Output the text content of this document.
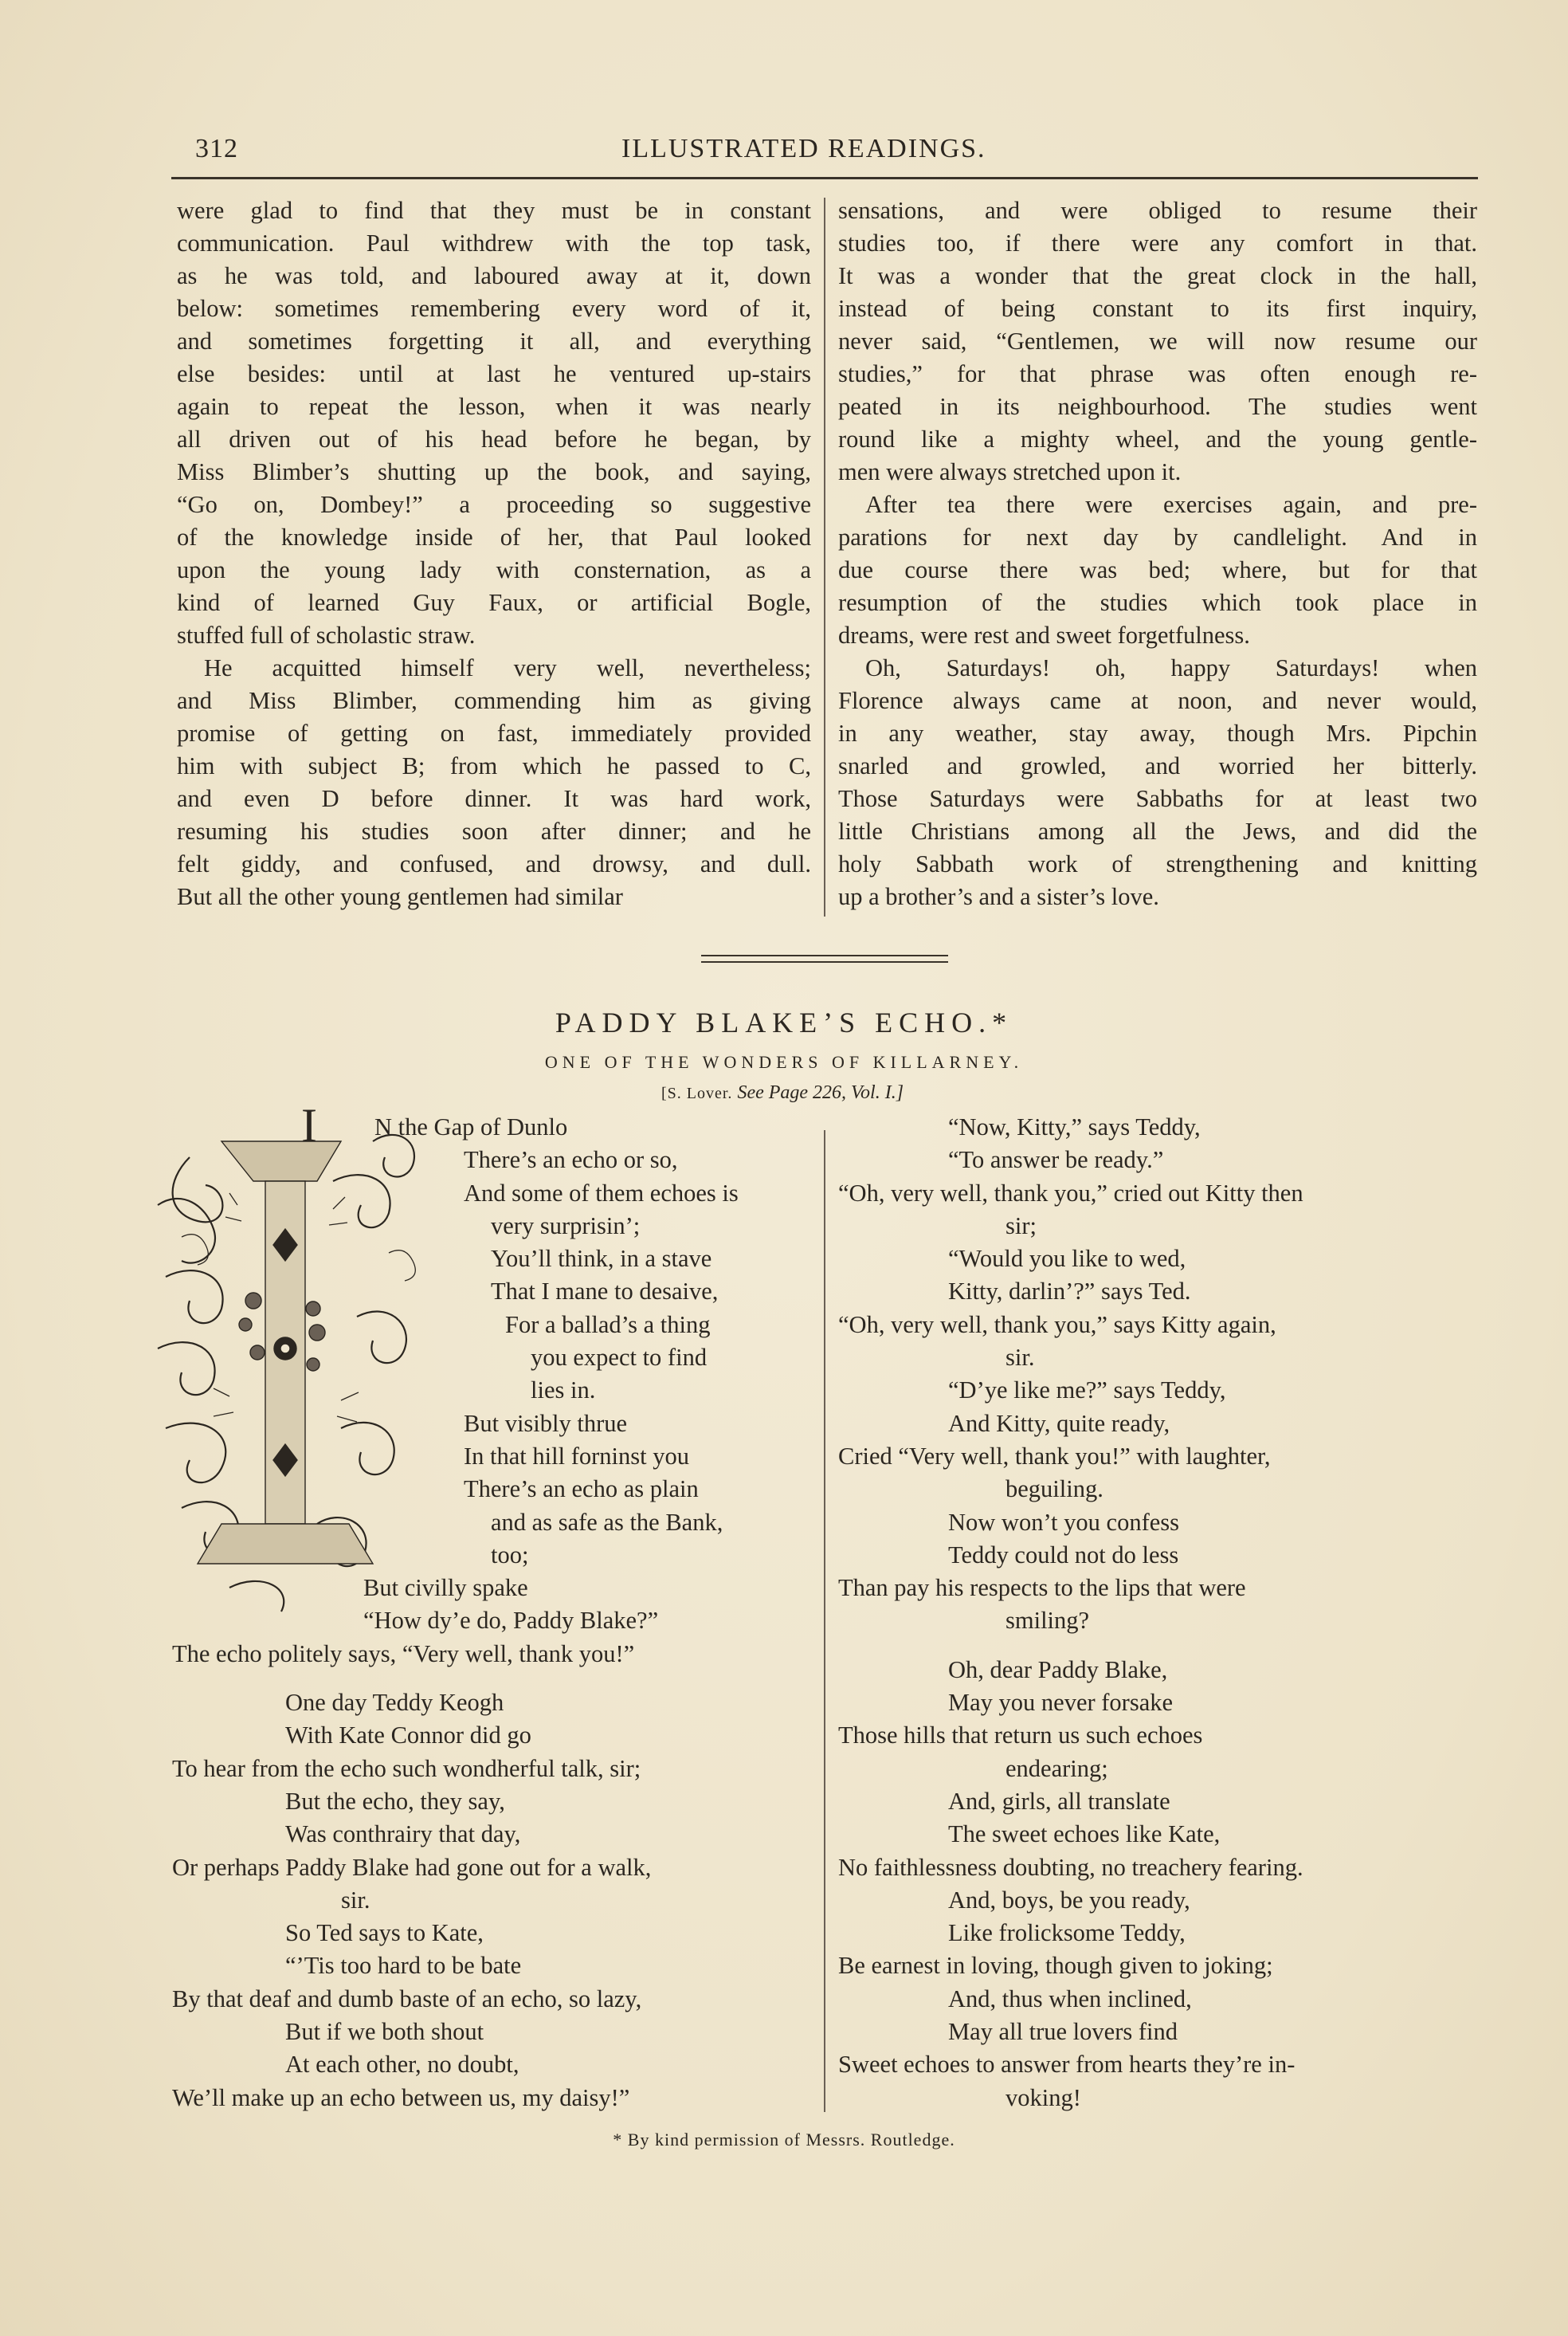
312	ILLUSTRATED READINGS.
were glad to find that they must be in constant
communication. Paul withdrew with the top task,
as he was told, and laboured away at it, down
below: sometimes remembering every word of it,
and sometimes forgetting it all, and everything
else besides: until at last he ventured up-stairs
again to repeat the lesson, when it was nearly
all driven out of his head before he began, by
Miss Blimber’s shutting up the book, and saying,
“Go on, Dombey!” a proceeding so suggestive
of the knowledge inside of her, that Paul looked
upon the young lady with consternation, as a
kind of learned Guy Faux, or artificial Bogle,
stuffed full of scholastic straw.
He acquitted himself very well, nevertheless;
and Miss Blimber, commending him as giving
promise of getting on fast, immediately provided
him with subject B; from which he passed to C,
and even D before dinner. It was hard work,
resuming his studies soon after dinner; and he
felt giddy, and confused, and drowsy, and dull.
But all the other young gentlemen had similar
sensations, and were obliged to resume their
studies too, if there were any comfort in that.
It was a wonder that the great clock in the hall,
instead of being constant to its first inquiry,
never said, “Gentlemen, we will now resume our
studies,” for that phrase was often enough re-
peated in its neighbourhood. The studies went
round like a mighty wheel, and the young gentle-
men were always stretched upon it.
After tea there were exercises again, and pre-
parations for next day by candlelight. And in
due course there was bed; where, but for that
resumption of the studies which took place in
dreams, were rest and sweet forgetfulness.
Oh, Saturdays! oh, happy Saturdays! when
Florence always came at noon, and never would,
in any weather, stay away, though Mrs. Pipchin
snarled and growled, and worried her bitterly.
Those Saturdays were Sabbaths for at least two
little Christians among all the Jews, and did the
holy Sabbath work of strengthening and knitting
up a brother’s and a sister’s love.
PADDY BLAKE’S ECHO.*
ONE OF THE WONDERS OF KILLARNEY.
[S. Lover. See Page 226, Vol. I.]
I	N the Gap of Dunlo
There’s an echo or so,
And some of them echoes is
very surprisin’;
You’ll think, in a stave
That I mane to desaive,
For a ballad’s a thing
you expect to find
lies in.
But visibly thrue
In that hill forninst you
There’s an echo as plain
and as safe as the Bank,
too;
But civilly spake
“How dy’e do, Paddy Blake?”
The echo politely says, “Very well, thank you!”
One day Teddy Keogh
With Kate Connor did go
To hear from the echo such wondherful talk, sir;
But the echo, they say,
Was conthrairy that day,
Or perhaps Paddy Blake had gone out for a walk,
sir.
So Ted says to Kate,
“’Tis too hard to be bate
By that deaf and dumb baste of an echo, so lazy,
But if we both shout
At each other, no doubt,
We’ll make up an echo between us, my daisy!”
“Now, Kitty,” says Teddy,
“To answer be ready.”
“Oh, very well, thank you,” cried out Kitty then
sir;
“Would you like to wed,
Kitty, darlin’?” says Ted.
“Oh, very well, thank you,” says Kitty again,
sir.
“D’ye like me?” says Teddy,
And Kitty, quite ready,
Cried “Very well, thank you!” with laughter,
beguiling.
Now won’t you confess
Teddy could not do less
Than pay his respects to the lips that were
smiling?
Oh, dear Paddy Blake,
May you never forsake
Those hills that return us such echoes
endearing;
And, girls, all translate
The sweet echoes like Kate,
No faithlessness doubting, no treachery fearing.
And, boys, be you ready,
Like frolicksome Teddy,
Be earnest in loving, though given to joking;
And, thus when inclined,
May all true lovers find
Sweet echoes to answer from hearts they’re in-
voking!
* By kind permission of Messrs. Routledge.
